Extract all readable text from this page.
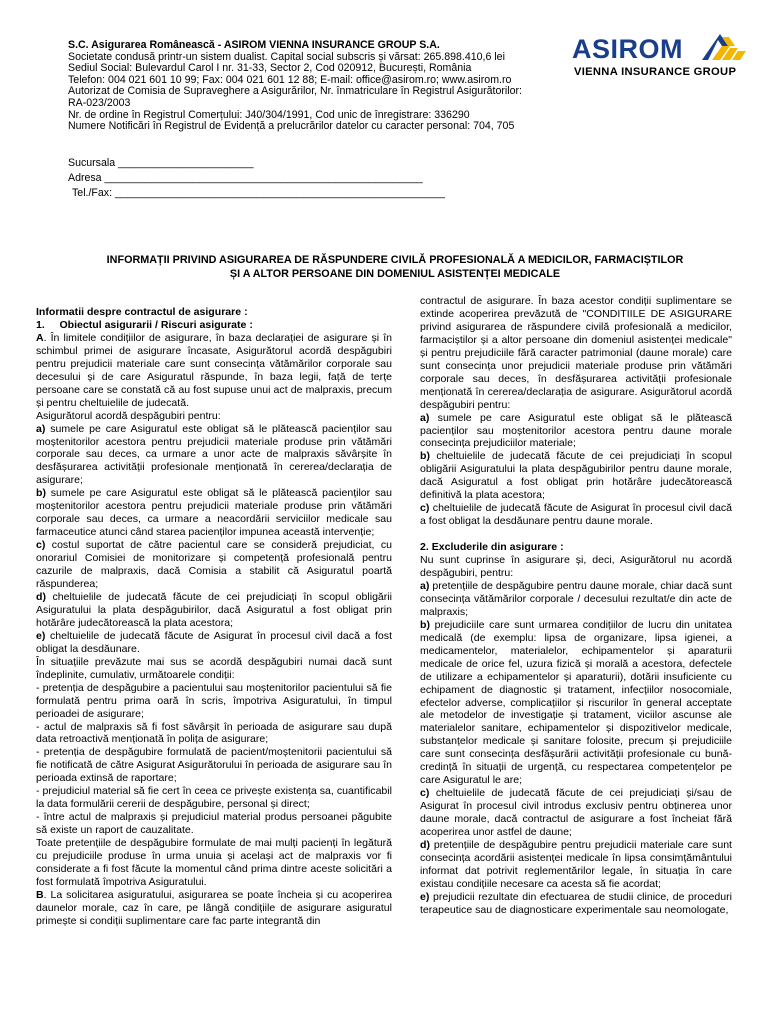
S.C. Asigurarea Românească - ASIROM VIENNA INSURANCE GROUP S.A.
Societate condusă printr-un sistem dualist. Capital social subscris și vărsat: 265.898.410,6 lei
Sediul Social: Bulevardul Carol I nr. 31-33, Sector 2, Cod 020912, București, România
Telefon: 004 021 601 10 99; Fax: 004 021 601 12 88; E-mail: office@asirom.ro; www.asirom.ro
Autorizat de Comisia de Supraveghere a Asigurărilor, Nr. înmatriculare în Registrul Asigurătorilor:
RA-023/2003
Nr. de ordine în Registrul Comerțului: J40/304/1991, Cod unic de înregistrare: 336290
Numere Notificări în Registrul de Evidență a prelucrărilor datelor cu caracter personal: 704, 705
ASIROM
VIENNA INSURANCE GROUP
Sucursala _______________________
Adresa ______________________________________________________
Tel./Fax: ________________________________________________________
INFORMAȚII PRIVIND ASIGURAREA DE RĂSPUNDERE CIVILĂ PROFESIONALĂ A MEDICILOR, FARMACIȘTILOR
ȘI A ALTOR PERSOANE DIN DOMENIUL ASISTENȚEI MEDICALE

Informatii despre contractul de asigurare :

1.     Obiectul asigurarii / Riscuri asigurate :

A. În limitele condițiilor de asigurare, în baza declarației de asigurare și în schimbul primei de asigurare încasate, Asigurătorul acordă despăgubiri pentru prejudicii materiale care sunt consecința vătămărilor corporale sau decesului și de care Asiguratul răspunde, în baza legii, față de terțe persoane care se constată că au fost supuse unui act de malpraxis, precum și pentru cheltuielile de judecată.

Asigurătorul acordă despăgubiri pentru:

a) sumele pe care Asiguratul este obligat să le plătească pacienților sau moștenitorilor acestora pentru prejudicii materiale produse prin vătămări corporale sau deces, ca urmare a unor acte de malpraxis săvârșite în desfășurarea activității profesionale menționată în cererea/declarația de asigurare;

b) sumele pe care Asiguratul este obligat să le plătească pacienților sau moștenitorilor acestora pentru prejudicii materiale produse prin vătămări corporale sau deces, ca urmare a neacordării serviciilor medicale sau farmaceutice atunci când starea pacienților impunea această intervenție;

c) costul suportat de către pacientul care se consideră prejudiciat, cu onorariul Comisiei de monitorizare și competență profesională pentru cazurile de malpraxis, dacă Comisia a stabilit că Asiguratul poartă răspunderea;

d) cheltuielile de judecată făcute de cei prejudiciați în scopul obligării Asiguratului la plata despăgubirilor, dacă Asiguratul a fost obligat prin hotărâre judecătorească la plata acestora;

e) cheltuielile de judecată făcute de Asigurat în procesul civil dacă a fost obligat la desdăunare.

În situațiile prevăzute mai sus se acordă despăgubiri numai dacă sunt îndeplinite, cumulativ, următoarele condiții:

- pretenția de despăgubire a pacientului sau moștenitorilor pacientului să fie formulată pentru prima oară în scris, împotriva Asiguratului, în timpul perioadei de asigurare;

- actul de malpraxis să fi fost săvârșit în perioada de asigurare sau după data retroactivă menționată în polița de asigurare;

- pretenția de despăgubire formulată de pacient/moștenitorii pacientului să fie notificată de către Asigurat Asigurătorului în perioada de asigurare sau în perioada extinsă de raportare;

- prejudiciul material să fie cert în ceea ce privește existența sa, cuantificabil la data formulării cererii de despăgubire, personal și direct;

- între actul de malpraxis și prejudiciul material produs persoanei păgubite să existe un raport de cauzalitate.

Toate pretențiile de despăgubire formulate de mai mulți pacienți în legătură cu prejudiciile produse în urma unuia și același act de malpraxis vor fi considerate a fi fost făcute la momentul când prima dintre aceste solicitări a fost formulată împotriva Asiguratului.

B. La solicitarea asiguratului, asigurarea se poate încheia și cu acoperirea daunelor morale, caz în care, pe lângă condițiile de asigurare asiguratul primește si condiții suplimentare care fac parte integrantă din

contractul de asigurare. În baza acestor condiții suplimentare se extinde acoperirea prevăzută de "CONDITIILE DE ASIGURARE privind asigurarea de răspundere civilă profesională a medicilor, farmaciștilor și a altor persoane din domeniul asistenței medicale" și pentru prejudiciile fără caracter patrimonial (daune morale) care sunt consecința unor prejudicii materiale produse prin vătămări corporale sau deces, în desfășurarea activității profesionale menționată în cererea/declarația de asigurare. Asigurătorul acordă despăgubiri pentru:

a) sumele pe care Asiguratul este obligat să le plătească pacienților sau moștenitorilor acestora pentru daune morale consecința prejudiciilor materiale;

b) cheltuielile de judecată făcute de cei prejudiciați în scopul obligării Asiguratului la plata despăgubirilor pentru daune morale, dacă Asiguratul a fost obligat prin hotărâre judecătorească definitivă la plata acestora;

c) cheltuielile de judecată făcute de Asigurat în procesul civil dacă a fost obligat la desdăunare pentru daune morale.

2. Excluderile din asigurare :

Nu sunt cuprinse în asigurare și, deci, Asigurătorul nu acordă despăgubiri, pentru:

a) pretențiile de despăgubire pentru daune morale, chiar dacă sunt consecința vătămărilor corporale / decesului rezultat/e din acte de malpraxis;

b) prejudiciile care sunt urmarea condițiilor de lucru din unitatea medicală (de exemplu: lipsa de organizare, lipsa igienei, a medicamentelor, materialelor, echipamentelor și aparaturii medicale de orice fel, uzura fizică și morală a acestora, defectele de utilizare a echipamentelor și aparaturii), dotării insuficiente cu echipament de diagnostic și tratament, infecțiilor nosocomiale, efectelor adverse, complicațiilor și riscurilor în general acceptate ale metodelor de investigație și tratament, viciilor ascunse ale materialelor sanitare, echipamentelor și dispozitivelor medicale, substanțelor medicale și sanitare folosite, precum și prejudiciile care sunt consecința desfășurării activității profesionale cu bună-credință în situații de urgență, cu respectarea competențelor pe care Asiguratul le are;

c) cheltuielile de judecată făcute de cei prejudiciați și/sau de Asigurat în procesul civil introdus exclusiv pentru obținerea unor daune morale, dacă contractul de asigurare a fost încheiat fără acoperirea unor astfel de daune;

d) pretențiile de despăgubire pentru prejudicii materiale care sunt consecința acordării asistenței medicale în lipsa consimțământului informat dat potrivit reglementărilor legale, în situația în care existau condițiile necesare ca acesta să fie acordat;

e) prejudicii rezultate din efectuarea de studii clinice, de proceduri terapeutice sau de diagnosticare experimentale sau neomologate,
